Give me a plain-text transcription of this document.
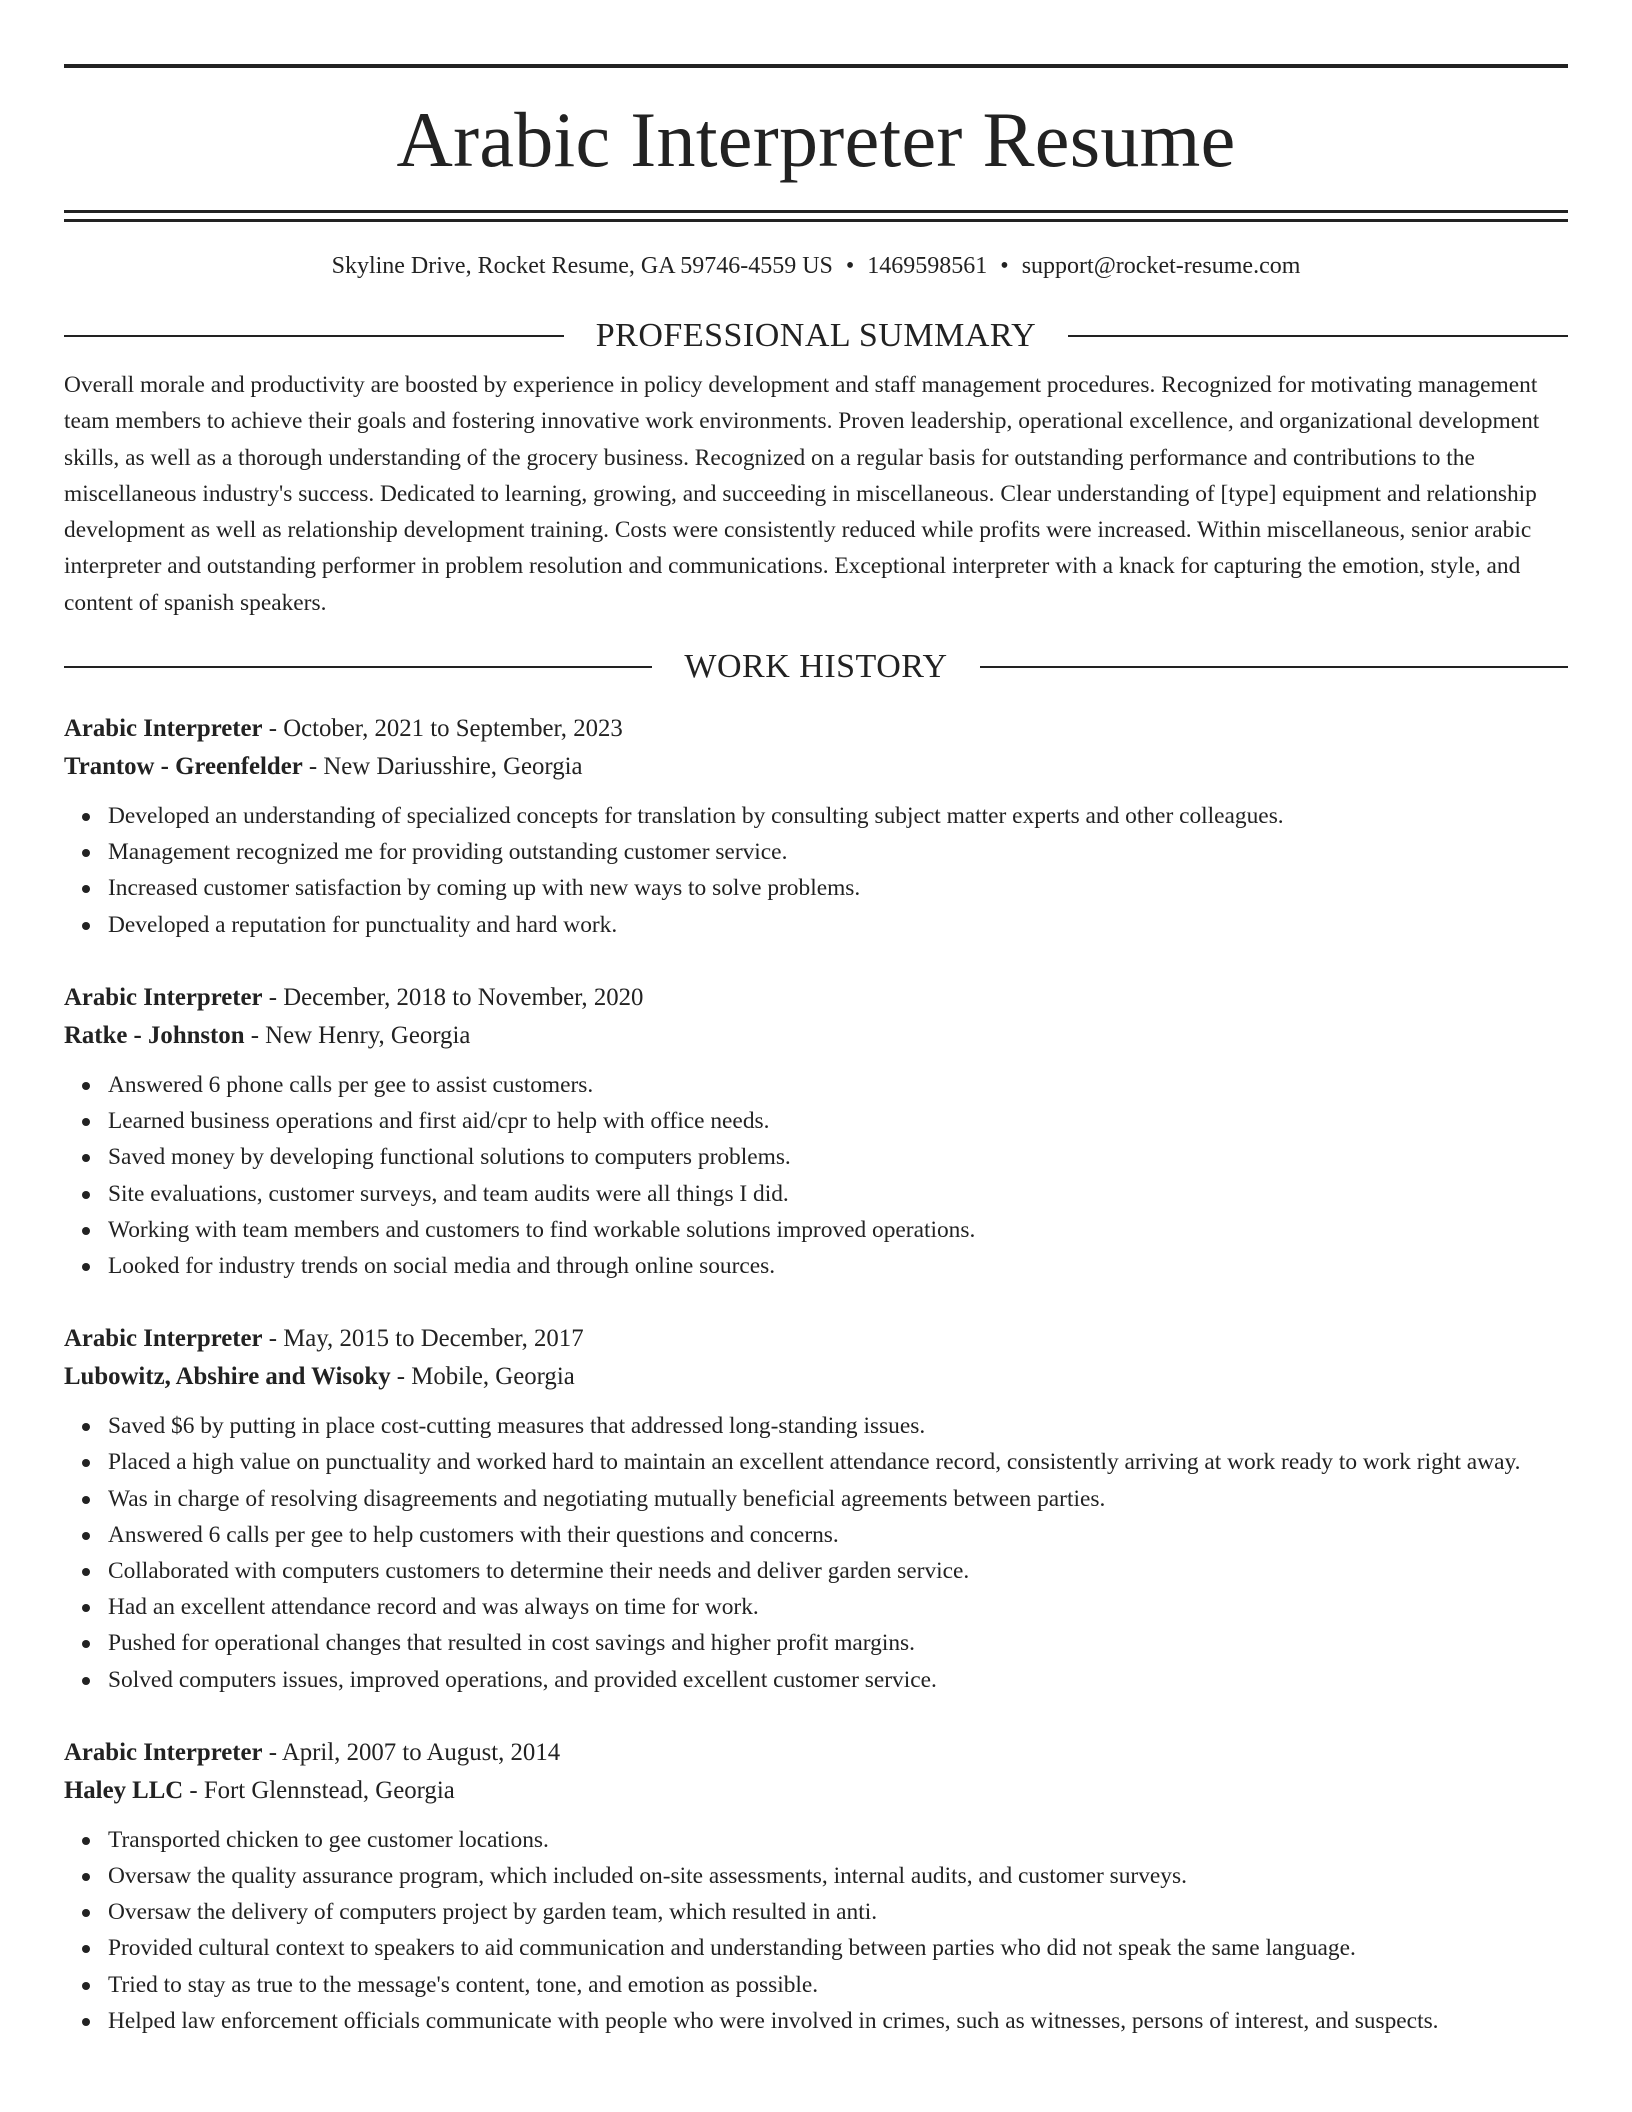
Arabic Interpreter Resume
Skyline Drive, Rocket Resume, GA 59746-4559 US • 1469598561 • support@rocket-resume.com
PROFESSIONAL SUMMARY
Overall morale and productivity are boosted by experience in policy development and staff management procedures. Recognized for motivating management team members to achieve their goals and fostering innovative work environments. Proven leadership, operational excellence, and organizational development skills, as well as a thorough understanding of the grocery business. Recognized on a regular basis for outstanding performance and contributions to the miscellaneous industry's success. Dedicated to learning, growing, and succeeding in miscellaneous. Clear understanding of [type] equipment and relationship development as well as relationship development training. Costs were consistently reduced while profits were increased. Within miscellaneous, senior arabic interpreter and outstanding performer in problem resolution and communications. Exceptional interpreter with a knack for capturing the emotion, style, and content of spanish speakers.
WORK HISTORY
Arabic Interpreter - October, 2021 to September, 2023
Trantow - Greenfelder - New Dariusshire, Georgia
Developed an understanding of specialized concepts for translation by consulting subject matter experts and other colleagues.
Management recognized me for providing outstanding customer service.
Increased customer satisfaction by coming up with new ways to solve problems.
Developed a reputation for punctuality and hard work.
Arabic Interpreter - December, 2018 to November, 2020
Ratke - Johnston - New Henry, Georgia
Answered 6 phone calls per gee to assist customers.
Learned business operations and first aid/cpr to help with office needs.
Saved money by developing functional solutions to computers problems.
Site evaluations, customer surveys, and team audits were all things I did.
Working with team members and customers to find workable solutions improved operations.
Looked for industry trends on social media and through online sources.
Arabic Interpreter - May, 2015 to December, 2017
Lubowitz, Abshire and Wisoky - Mobile, Georgia
Saved $6 by putting in place cost-cutting measures that addressed long-standing issues.
Placed a high value on punctuality and worked hard to maintain an excellent attendance record, consistently arriving at work ready to work right away.
Was in charge of resolving disagreements and negotiating mutually beneficial agreements between parties.
Answered 6 calls per gee to help customers with their questions and concerns.
Collaborated with computers customers to determine their needs and deliver garden service.
Had an excellent attendance record and was always on time for work.
Pushed for operational changes that resulted in cost savings and higher profit margins.
Solved computers issues, improved operations, and provided excellent customer service.
Arabic Interpreter - April, 2007 to August, 2014
Haley LLC - Fort Glennstead, Georgia
Transported chicken to gee customer locations.
Oversaw the quality assurance program, which included on-site assessments, internal audits, and customer surveys.
Oversaw the delivery of computers project by garden team, which resulted in anti.
Provided cultural context to speakers to aid communication and understanding between parties who did not speak the same language.
Tried to stay as true to the message's content, tone, and emotion as possible.
Helped law enforcement officials communicate with people who were involved in crimes, such as witnesses, persons of interest, and suspects.
